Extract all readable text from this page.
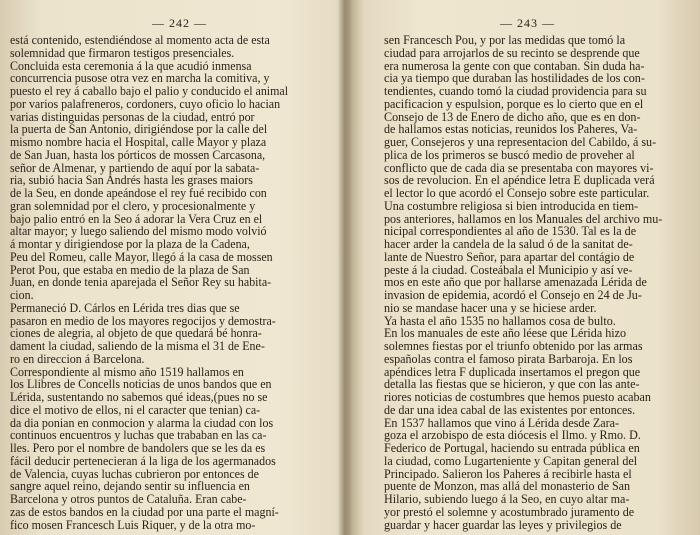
— 242 —
está contenido, estendiéndose al momento acta de esta
solemnidad que firmaron testigos presenciales.
Concluida esta ceremonia á la que acudió inmensa
concurrencia pusose otra vez en marcha la comitiva, y
puesto el rey á caballo bajo el palio y conducido el animal
por varios palafreneros, cordoners, cuyo oficio lo hacian
varias distinguidas personas de la ciudad, entró por
la puerta de San Antonio, dirigiéndose por la calle del
mismo nombre hacia el Hospital, calle Mayor y plaza
de San Juan, hasta los pórticos de mossen Carcasona,
señor de Almenar, y partiendo de aquí por la sabata-
ria, subió hacia San Andrés hasta les grases maiors
de la Seu, en donde apeándose el rey fué recibido con
gran solemnidad por el clero, y procesionalmente y
bajo palio entró en la Seo á adorar la Vera Cruz en el
altar mayor; y luego saliendo del mismo modo volvió
á montar y dirigiendose por la plaza de la Cadena,
Peu del Romeu, calle Mayor, llegó á la casa de mossen
Perot Pou, que estaba en medio de la plaza de San
Juan, en donde tenia aparejada el Señor Rey su habita-
cion.
Permaneció D. Cárlos en Lérida tres dias que se
pasaron en medio de los mayores regocijos y demostra-
ciones de alegria, al objeto de que quedará bé honra-
dament la ciudad, saliendo de la misma el 31 de Ene-
ro en direccion á Barcelona.
Correspondiente al mismo año 1519 hallamos en
los Llibres de Concells noticias de unos bandos que en
Lérida, sustentando no sabemos qué ideas,(pues no se
dice el motivo de ellos, ni el caracter que tenian) ca-
da dia ponian en conmocion y alarma la ciudad con los
continuos encuentros y luchas que trababan en las ca-
lles. Pero por el nombre de bandolers que se les da es
fácil deducir pertenecieran á la liga de los agermanados
de Valencia, cuyas luchas cubrieron por entonces de
sangre aquel reino, dejando sentir su influencia en
Barcelona y otros puntos de Cataluña. Eran cabe-
zas de estos bandos en la ciudad por una parte el magní-
fico mosen Francesch Luis Riquer, y de la otra mo-
— 243 —
sen Francesch Pou, y por las medidas que tomó la
ciudad para arrojarlos de su recinto se desprende que
era numerosa la gente con que contaban. Sin duda ha-
cia ya tiempo que duraban las hostilidades de los con-
tendientes, cuando tomó la ciudad providencia para su
pacificacion y espulsion, porque es lo cierto que en el
Consejo de 13 de Enero de dicho año, que es en don-
de hallamos estas noticias, reunidos los Paheres, Va-
guer, Consejeros y una representacion del Cabildo, á su-
plica de los primeros se buscó medio de proveher al
conflicto que de cada dia se presentaba con mayores vi-
sos de revolucion. En el apéndice letra E duplicada verá
el lector lo que acordó el Consejo sobre este particular.
Una costumbre religiosa si bien introducida en tiem-
pos anteriores, hallamos en los Manuales del archivo mu-
nicipal correspondientes al año de 1530. Tal es la de
hacer arder la candela de la salud ó de la sanitat de-
lante de Nuestro Señor, para apartar del contágio de
peste á la ciudad. Costeábala el Municipio y así ve-
mos en este año que por hallarse amenazada Lérida de
invasion de epidemia, acordó el Consejo en 24 de Ju-
nio se mandase hacer una y se hiciese arder.
Ya hasta el año 1535 no hallamos cosa de bulto.
En los manuales de este año léese que Lérida hizo
solemnes fiestas por el triunfo obtenido por las armas
españolas contra el famoso pirata Barbaroja. En los
apéndices letra F duplicada insertamos el pregon que
detalla las fiestas que se hicieron, y que con las ante-
riores noticias de costumbres que hemos puesto acaban
de dar una idea cabal de las existentes por entonces.
En 1537 hallamos que vino á Lérida desde Zara-
goza el arzobispo de esta diócesis el Ilmo. y Rmo. D.
Federico de Portugal, haciendo su entrada pública en
la ciudad, como Lugarteniente y Capitan general del
Principado. Salieron los Paheres á recibirle hasta el
puente de Monzon, mas allá del monasterio de San
Hilario, subiendo luego á la Seo, en cuyo altar ma-
yor prestó el solemne y acostumbrado juramento de
guardar y hacer guardar las leyes y privilegios de
